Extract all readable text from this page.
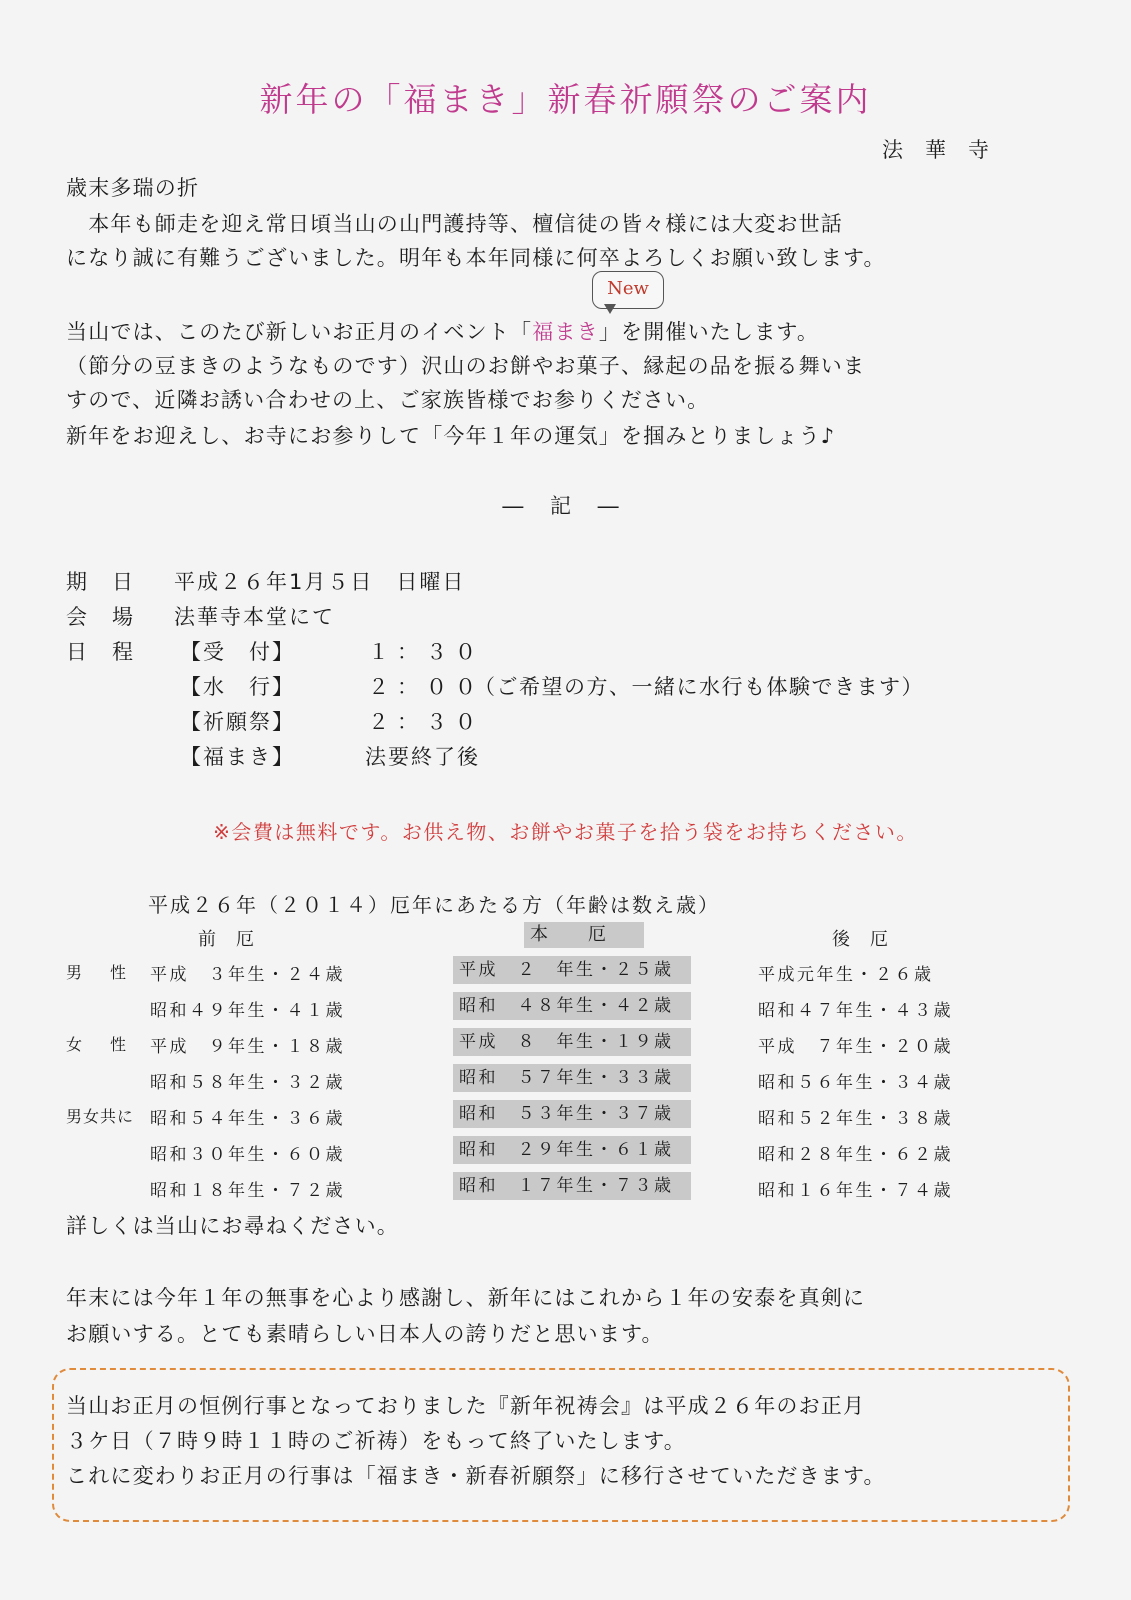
新年の「福まき」新春祈願祭のご案内
法華寺
歳末多瑞の折
　本年も師走を迎え常日頃当山の山門護持等、檀信徒の皆々様には大変お世話
になり誠に有難うございました。明年も本年同様に何卒よろしくお願い致します。
New
当山では、このたび新しいお正月のイベント「福まき」を開催いたします。
（節分の豆まきのようなものです）沢山のお餅やお菓子、縁起の品を振る舞いま
すので、近隣お誘い合わせの上、ご家族皆様でお参りください。
新年をお迎えし、お寺にお参りして「今年１年の運気」を掴みとりましょう♪
― 記 ―
期　日 平成２６年1月５日　日曜日
会　場 法華寺本堂にて
日　程 【受　付】	１：３０
【水　行】	２：００
（ご希望の方、一緒に水行も体験できます）
【祈願祭】	２：３０
【福まき】	法要終了後
※会費は無料です。お供え物、お餅やお菓子を拾う袋をお持ちください。
平成２６年（２０１４）厄年にあたる方（年齢は数え歳）
前厄	本厄	後厄
男　性 平成　３年生・２４歳	平成　２　年生・２５歳	平成元年生・２６歳
昭和４９年生・４１歳	昭和　４８年生・４２歳	昭和４７年生・４３歳
女　性 平成　９年生・１８歳	平成　８　年生・１９歳	平成　７年生・２０歳
昭和５８年生・３２歳	昭和　５７年生・３３歳	昭和５６年生・３４歳
男女共に 昭和５４年生・３６歳	昭和　５３年生・３７歳	昭和５２年生・３８歳
昭和３０年生・６０歳	昭和　２９年生・６１歳	昭和２８年生・６２歳
昭和１８年生・７２歳	昭和　１７年生・７３歳	昭和１６年生・７４歳
詳しくは当山にお尋ねください。
年末には今年１年の無事を心より感謝し、新年にはこれから１年の安泰を真剣に
お願いする。とても素晴らしい日本人の誇りだと思います。
当山お正月の恒例行事となっておりました『新年祝祷会』は平成２６年のお正月
３ケ日（７時９時１１時のご祈祷）をもって終了いたします。
これに変わりお正月の行事は「福まき・新春祈願祭」に移行させていただきます。
